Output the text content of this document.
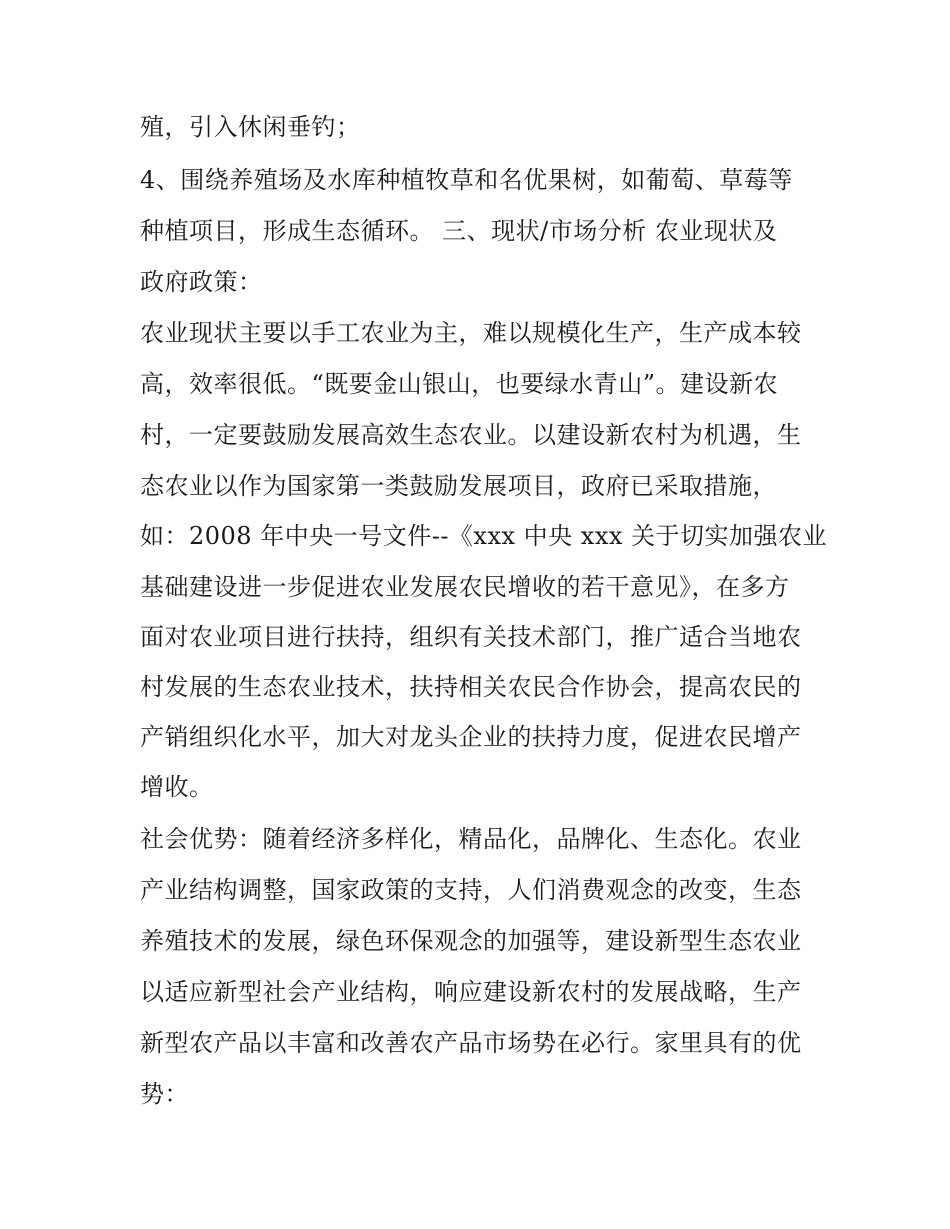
殖，引入休闲垂钓；
4、围绕养殖场及水库种植牧草和名优果树，如葡萄、草莓等
种植项目，形成生态循环。 三、现状/市场分析 农业现状及
政府政策：
农业现状主要以手工农业为主，难以规模化生产，生产成本较
高，效率很低。“既要金山银山，也要绿水青山”。建设新农
村，一定要鼓励发展高效生态农业。以建设新农村为机遇，生
态农业以作为国家第一类鼓励发展项目，政府已采取措施，
如：2008 年中央一号文件--《xxx 中央 xxx 关于切实加强农业
基础建设进一步促进农业发展农民增收的若干意见》，在多方
面对农业项目进行扶持，组织有关技术部门，推广适合当地农
村发展的生态农业技术，扶持相关农民合作协会，提高农民的
产销组织化水平，加大对龙头企业的扶持力度，促进农民增产
增收。
社会优势：随着经济多样化，精品化，品牌化、生态化。农业
产业结构调整，国家政策的支持，人们消费观念的改变，生态
养殖技术的发展，绿色环保观念的加强等，建设新型生态农业
以适应新型社会产业结构，响应建设新农村的发展战略，生产
新型农产品以丰富和改善农产品市场势在必行。家里具有的优
势：
